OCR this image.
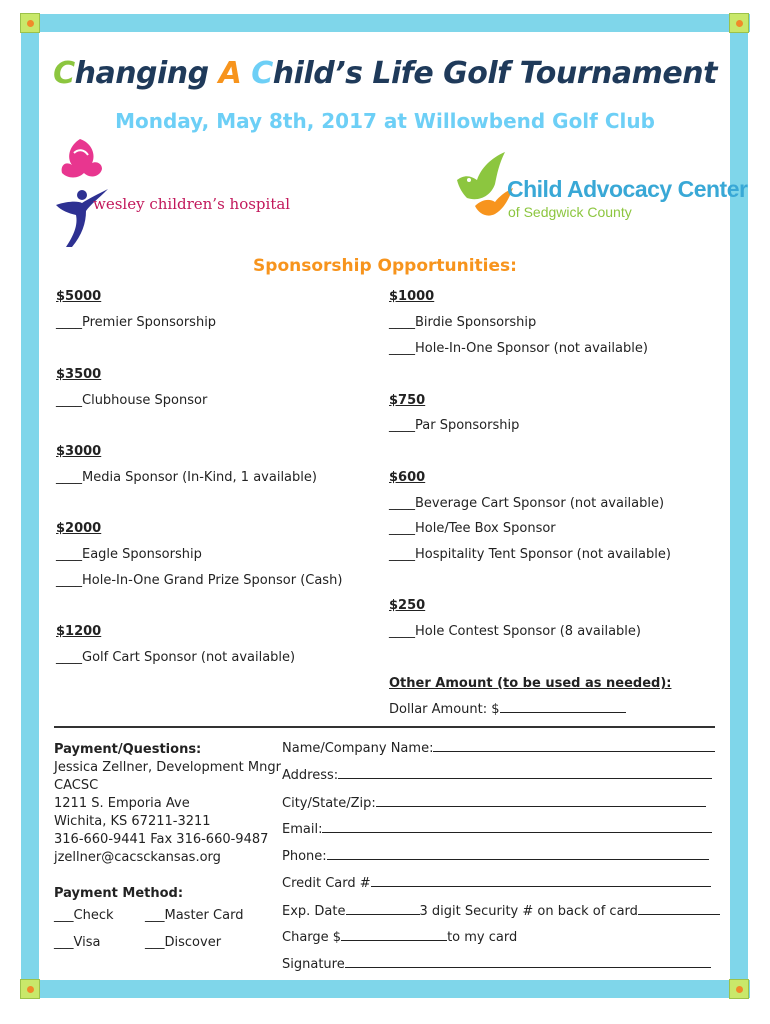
Changing A Child’s Life Golf Tournament
Monday, May 8th, 2017 at Willowbend Golf Club
wesley children’s hospital
Child Advocacy Center
of Sedgwick County
Sponsorship Opportunities:
$5000
____Premier Sponsorship
$3500
____Clubhouse Sponsor
$3000
____Media Sponsor (In-Kind, 1 available)
$2000
____Eagle Sponsorship
____Hole-In-One Grand Prize Sponsor (Cash)
$1200
____Golf Cart Sponsor (not available)
$1000
____Birdie Sponsorship
____Hole-In-One Sponsor (not available)
$750
____Par Sponsorship
$600
____Beverage Cart Sponsor (not available)
____Hole/Tee Box Sponsor
____Hospitality Tent Sponsor (not available)
$250
____Hole Contest Sponsor (8 available)
Other Amount (to be used as needed):
Dollar Amount: $
Payment/Questions:
Jessica Zellner, Development Mngr
CACSC
1211 S. Emporia Ave
Wichita, KS 67211-3211
316-660-9441 Fax 316-660-9487
jzellner@cacsckansas.org
Payment Method:
___Check ___Master Card
___Visa	___Discover
Name/Company Name:
Address:
City/State/Zip:
Email:
Phone:
Credit Card #
Exp. Date	3 digit Security # on back of card
Charge $	to my card
Signature
